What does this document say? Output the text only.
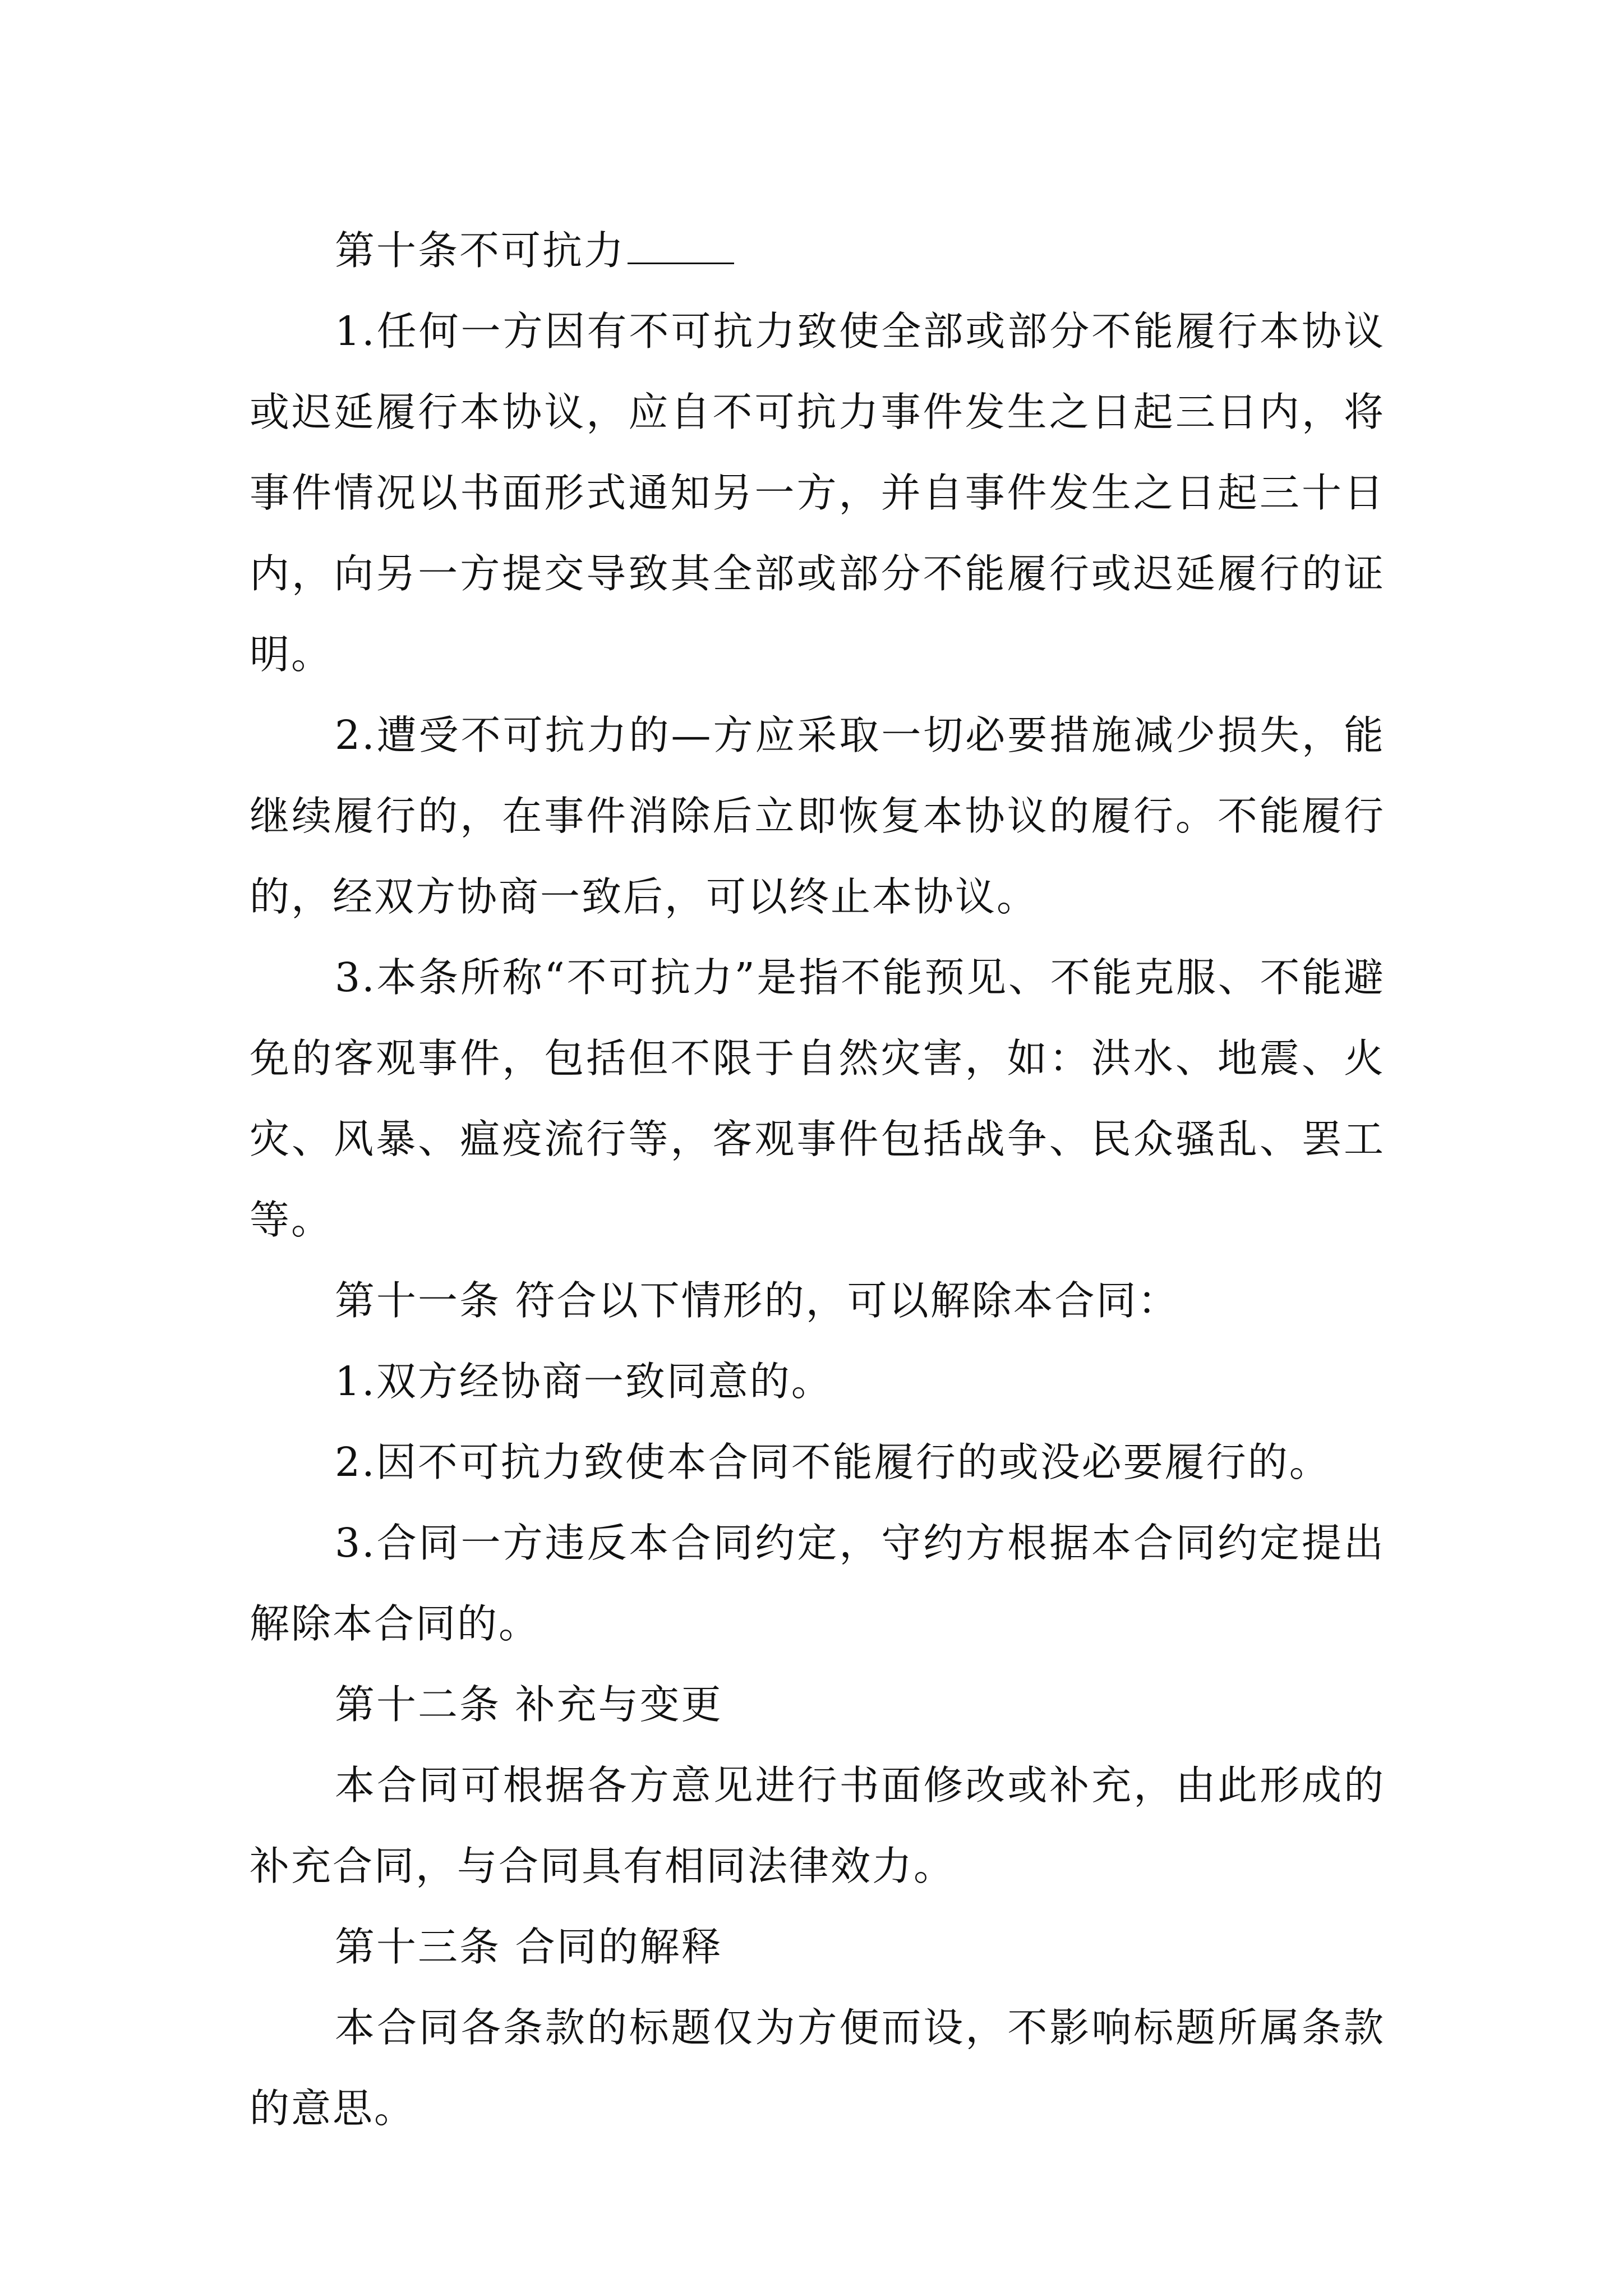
第十条不可抗力

1.任何一方因有不可抗力致使全部或部分不能履行本协议或迟延履行本协议，应自不可抗力事件发生之日起三日内，将事件情况以书面形式通知另一方，并自事件发生之日起三十日内，向另一方提交导致其全部或部分不能履行或迟延履行的证明。

2.遭受不可抗力的—方应采取一切必要措施减少损失，能继续履行的，在事件消除后立即恢复本协议的履行。不能履行的，经双方协商一致后，可以终止本协议。

3.本条所称“不可抗力”是指不能预见、不能克服、不能避免的客观事件，包括但不限于自然灾害，如：洪水、地震、火灾、风暴、瘟疫流行等，客观事件包括战争、民众骚乱、罢工等。

第十一条 符合以下情形的，可以解除本合同：

1.双方经协商一致同意的。

2.因不可抗力致使本合同不能履行的或没必要履行的。

3.合同一方违反本合同约定，守约方根据本合同约定提出解除本合同的。

第十二条 补充与变更

本合同可根据各方意见进行书面修改或补充，由此形成的补充合同，与合同具有相同法律效力。

第十三条 合同的解释

本合同各条款的标题仅为方便而设，不影响标题所属条款的意思。
